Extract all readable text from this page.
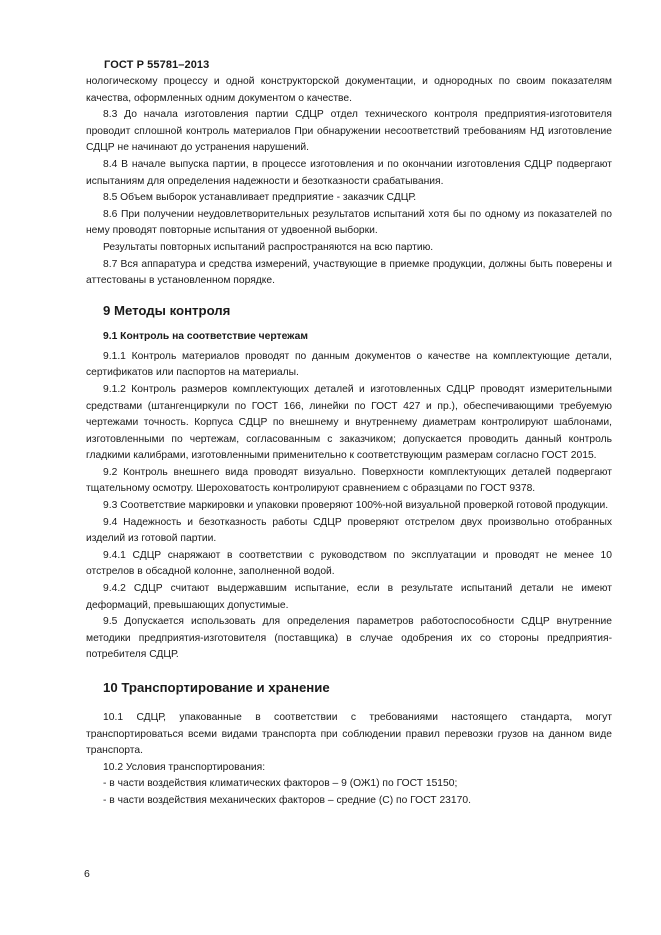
ГОСТ Р 55781–2013

нологическому процессу и одной конструкторской документации, и однородных по своим показателям качества, оформленных одним документом о качестве.

8.3 До начала изготовления партии СДЦР отдел технического контроля предприятия-изготовителя проводит сплошной контроль материалов При обнаружении несоответствий требованиям НД изготовление СДЦР не начинают до устранения нарушений.

8.4 В начале выпуска партии, в процессе изготовления и по окончании изготовления СДЦР подвергают испытаниям для определения надежности и безотказности срабатывания.

8.5 Объем выборок устанавливает предприятие - заказчик СДЦР.

8.6 При получении неудовлетворительных результатов испытаний хотя бы по одному из показателей по нему проводят повторные испытания от удвоенной выборки.

Результаты повторных испытаний распространяются на всю партию.

8.7 Вся аппаратура и средства измерений, участвующие в приемке продукции, должны быть поверены и аттестованы в установленном порядке.

9 Методы контроля
9.1 Контроль на соответствие чертежам

9.1.1 Контроль материалов проводят по данным документов о качестве на комплектующие детали, сертификатов или паспортов на материалы.

9.1.2 Контроль размеров комплектующих деталей и изготовленных СДЦР проводят измерительными средствами (штангенциркули по ГОСТ 166, линейки по ГОСТ 427 и пр.), обеспечивающими требуемую чертежами точность. Корпуса СДЦР по внешнему и внутреннему диаметрам контролируют шаблонами, изготовленными по чертежам, согласованным с заказчиком; допускается проводить данный контроль гладкими калибрами, изготовленными применительно к соответствующим размерам согласно ГОСТ 2015.

9.2 Контроль внешнего вида проводят визуально. Поверхности комплектующих деталей подвергают тщательному осмотру. Шероховатость контролируют сравнением с образцами по ГОСТ 9378.

9.3 Соответствие маркировки и упаковки проверяют 100%-ной визуальной проверкой готовой продукции.

9.4 Надежность и безотказность работы СДЦР проверяют отстрелом двух произвольно отобранных изделий из готовой партии.

9.4.1 СДЦР снаряжают в соответствии с руководством по эксплуатации и проводят не менее 10 отстрелов в обсадной колонне, заполненной водой.

9.4.2 СДЦР считают выдержавшим испытание, если в результате испытаний детали не имеют деформаций, превышающих допустимые.

9.5 Допускается использовать для определения параметров работоспособности СДЦР внутренние методики предприятия-изготовителя (поставщика) в случае одобрения их со стороны предприятия-потребителя СДЦР.

10 Транспортирование и хранение

10.1 СДЦР, упакованные в соответствии с требованиями настоящего стандарта, могут транспортироваться всеми видами транспорта при соблюдении правил перевозки грузов на данном виде транспорта.

10.2 Условия транспортирования:

- в части воздействия климатических факторов – 9 (ОЖ1) по ГОСТ 15150;

- в части воздействия механических факторов – средние (С) по ГОСТ 23170.

6
